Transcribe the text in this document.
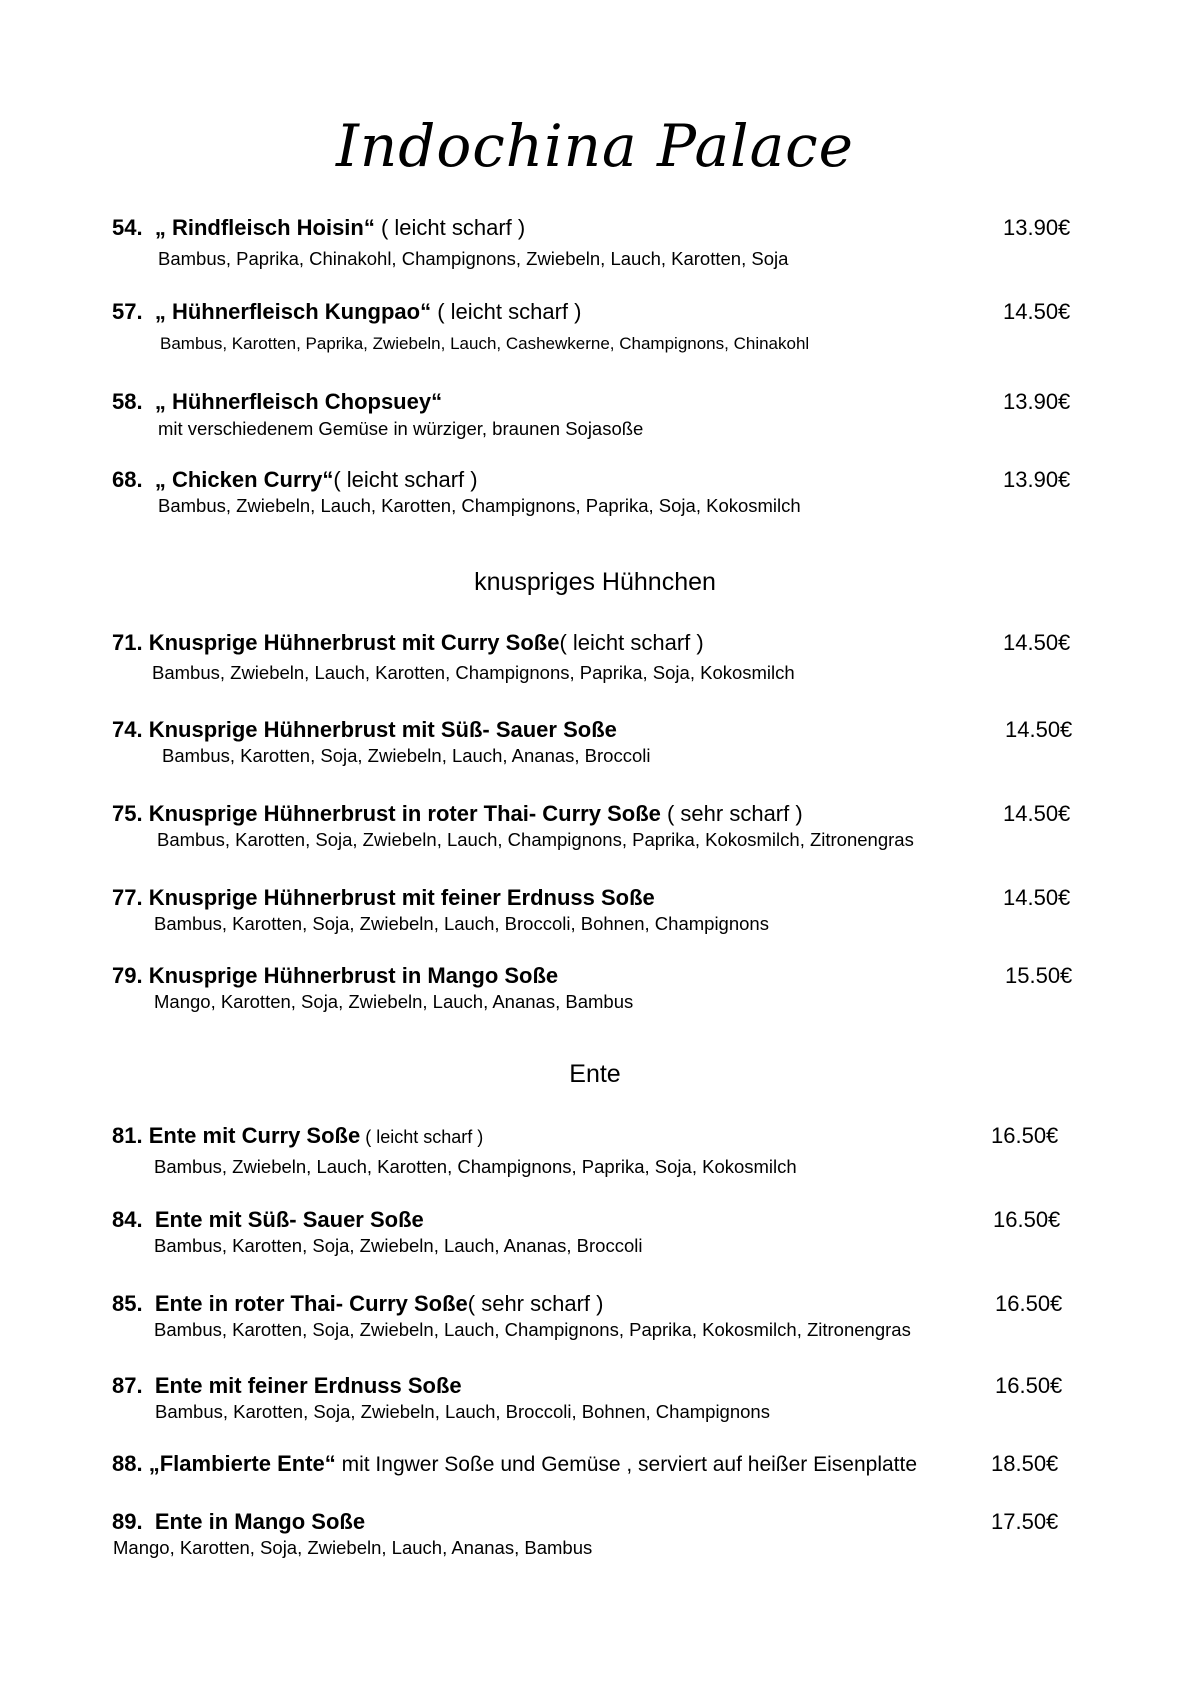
Indochina Palace
knuspriges Hühnchen
Ente
54. „ Rindfleisch Hoisin“ ( leicht scharf )	13.90€
Bambus, Paprika, Chinakohl, Champignons, Zwiebeln, Lauch, Karotten, Soja
57. „ Hühnerfleisch Kungpao“ ( leicht scharf )	14.50€
Bambus, Karotten, Paprika, Zwiebeln, Lauch, Cashewkerne, Champignons, Chinakohl
58. „ Hühnerfleisch Chopsuey“	13.90€
mit verschiedenem Gemüse in würziger, braunen Sojasoße
68. „ Chicken Curry“( leicht scharf )	13.90€
Bambus, Zwiebeln, Lauch, Karotten, Champignons, Paprika, Soja, Kokosmilch
71. Knusprige Hühnerbrust mit Curry Soße( leicht scharf )	14.50€
Bambus, Zwiebeln, Lauch, Karotten, Champignons, Paprika, Soja, Kokosmilch
74. Knusprige Hühnerbrust mit Süß- Sauer Soße	14.50€
Bambus, Karotten, Soja, Zwiebeln, Lauch, Ananas, Broccoli
75. Knusprige Hühnerbrust in roter Thai- Curry Soße ( sehr scharf )	14.50€
Bambus, Karotten, Soja, Zwiebeln, Lauch, Champignons, Paprika, Kokosmilch, Zitronengras
77. Knusprige Hühnerbrust mit feiner Erdnuss Soße	14.50€
Bambus, Karotten, Soja, Zwiebeln, Lauch, Broccoli, Bohnen, Champignons
79. Knusprige Hühnerbrust in Mango Soße	15.50€
Mango, Karotten, Soja, Zwiebeln, Lauch, Ananas, Bambus
81. Ente mit Curry Soße ( leicht scharf )	16.50€
Bambus, Zwiebeln, Lauch, Karotten, Champignons, Paprika, Soja, Kokosmilch
84. Ente mit Süß- Sauer Soße	16.50€
Bambus, Karotten, Soja, Zwiebeln, Lauch, Ananas, Broccoli
85. Ente in roter Thai- Curry Soße( sehr scharf )	16.50€
Bambus, Karotten, Soja, Zwiebeln, Lauch, Champignons, Paprika, Kokosmilch, Zitronengras
87. Ente mit feiner Erdnuss Soße	16.50€
Bambus, Karotten, Soja, Zwiebeln, Lauch, Broccoli, Bohnen, Champignons
88. „Flambierte Ente“ mit Ingwer Soße und Gemüse , serviert auf heißer Eisenplatte	18.50€
89. Ente in Mango Soße	17.50€
Mango, Karotten, Soja, Zwiebeln, Lauch, Ananas, Bambus
